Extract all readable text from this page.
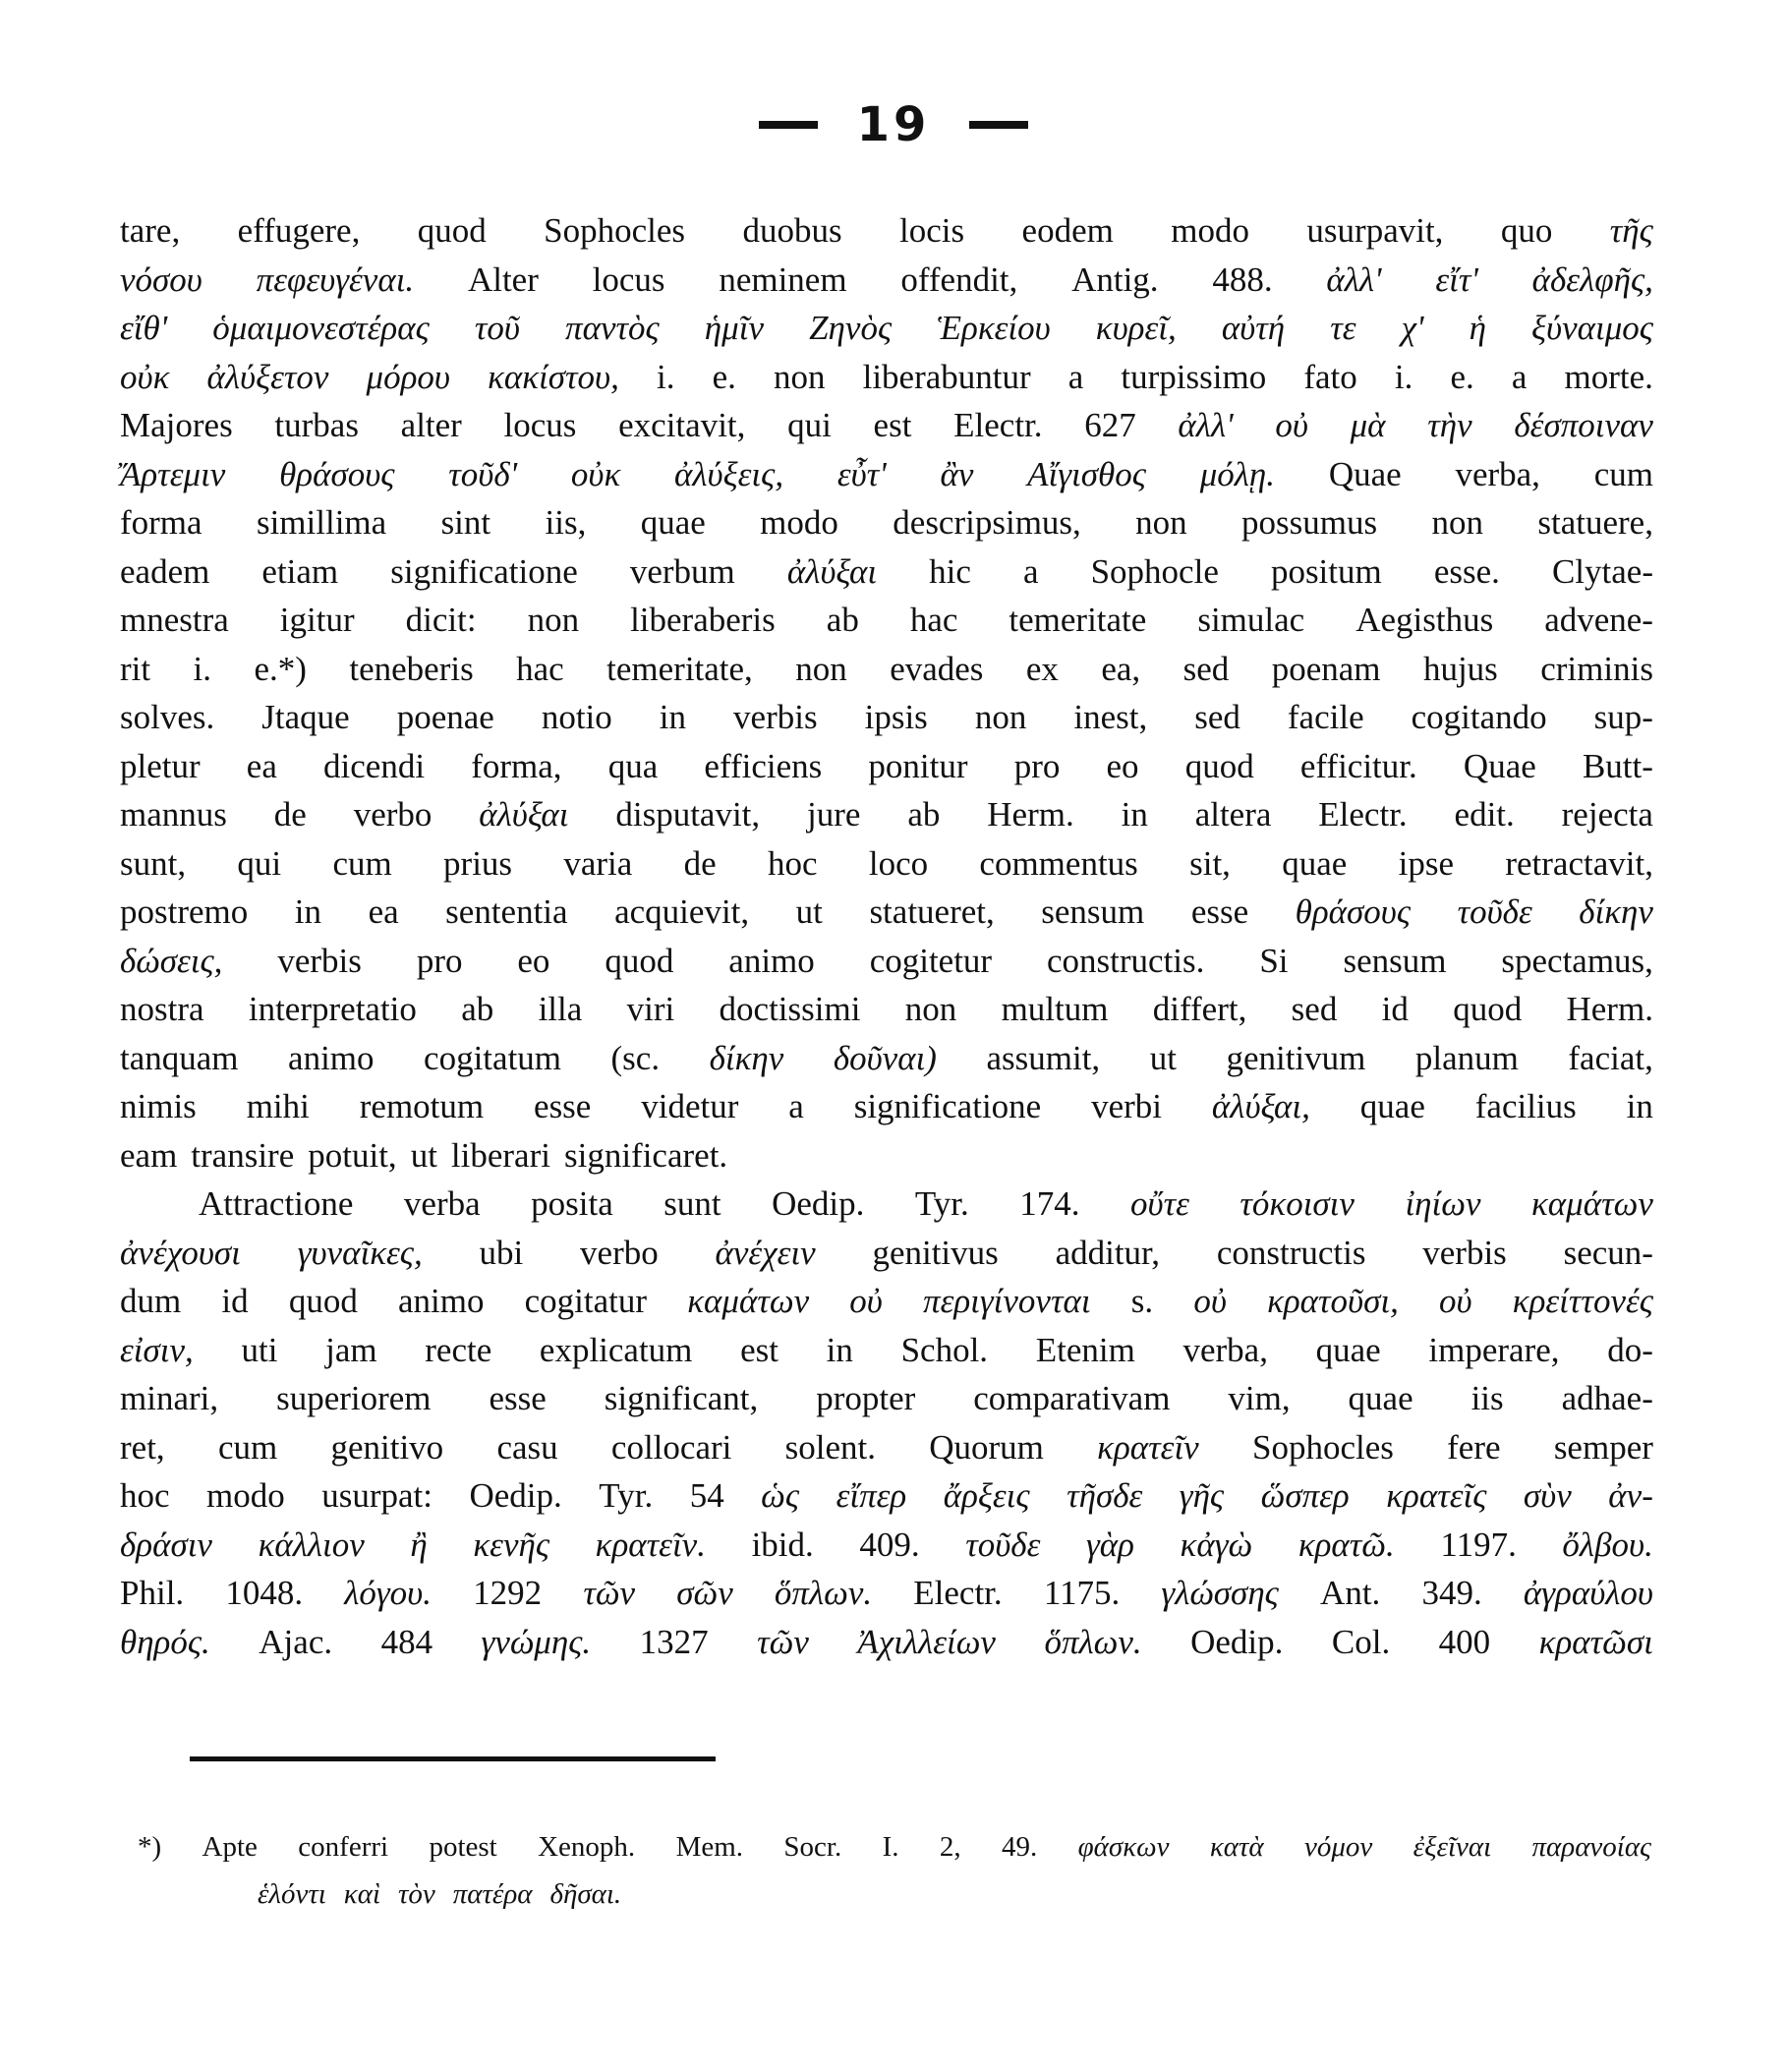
19
tare, effugere, quod Sophocles duobus locis eodem modo usurpavit, quo τῆς
νόσου πεφευγέναι. Alter locus neminem offendit, Antig. 488. ἀλλ' εἴτ' ἀδελφῆς,
εἴθ' ὁμαιμονεστέρας τοῦ παντὸς ἡμῖν Ζηνὸς Ἑρκείου κυρεῖ, αὐτή τε χ' ἡ ξύναιμος
οὐκ ἀλύξετον μόρου κακίστου, i. e. non liberabuntur a turpissimo fato i. e. a morte.
Majores turbas alter locus excitavit, qui est Electr. 627 ἀλλ' οὐ μὰ τὴν δέσποιναν
Ἄρτεμιν θράσους τοῦδ' οὐκ ἀλύξεις, εὖτ' ἂν Αἴγισθος μόλῃ. Quae verba, cum
forma simillima sint iis, quae modo descripsimus, non possumus non statuere,
eadem etiam significatione verbum ἀλύξαι hic a Sophocle positum esse. Clytae-
mnestra igitur dicit: non liberaberis ab hac temeritate simulac Aegisthus advene-
rit i. e.*) teneberis hac temeritate, non evades ex ea, sed poenam hujus criminis
solves. Jtaque poenae notio in verbis ipsis non inest, sed facile cogitando sup-
pletur ea dicendi forma, qua efficiens ponitur pro eo quod efficitur. Quae Butt-
mannus de verbo ἀλύξαι disputavit, jure ab Herm. in altera Electr. edit. rejecta
sunt, qui cum prius varia de hoc loco commentus sit, quae ipse retractavit,
postremo in ea sententia acquievit, ut statueret, sensum esse θράσους τοῦδε δίκην
δώσεις, verbis pro eo quod animo cogitetur constructis. Si sensum spectamus,
nostra interpretatio ab illa viri doctissimi non multum differt, sed id quod Herm.
tanquam animo cogitatum (sc. δίκην δοῦναι) assumit, ut genitivum planum faciat,
nimis mihi remotum esse videtur a significatione verbi ἀλύξαι, quae facilius in
eam transire potuit, ut liberari significaret.
Attractione verba posita sunt Oedip. Tyr. 174. οὔτε τόκοισιν ἰηίων καμάτων
ἀνέχουσι γυναῖκες, ubi verbo ἀνέχειν genitivus additur, constructis verbis secun-
dum id quod animo cogitatur καμάτων οὐ περιγίνονται s. οὐ κρατοῦσι, οὐ κρείττονές
εἰσιν, uti jam recte explicatum est in Schol. Etenim verba, quae imperare, do-
minari, superiorem esse significant, propter comparativam vim, quae iis adhae-
ret, cum genitivo casu collocari solent. Quorum κρατεῖν Sophocles fere semper
hoc modo usurpat: Oedip. Tyr. 54 ὡς εἴπερ ἄρξεις τῆσδε γῆς ὥσπερ κρατεῖς σὺν ἀν-
δράσιν κάλλιον ἢ κενῆς κρατεῖν. ibid. 409. τοῦδε γὰρ κἀγὼ κρατῶ. 1197. ὄλβου.
Phil. 1048. λόγου. 1292 τῶν σῶν ὅπλων. Electr. 1175. γλώσσης Ant. 349. ἀγραύλου
θηρός. Ajac. 484 γνώμης. 1327 τῶν Ἀχιλλείων ὅπλων. Oedip. Col. 400 κρατῶσι
*) Apte conferri potest Xenoph. Mem. Socr. I. 2, 49. φάσκων κατὰ νόμον ἐξεῖναι παρανοίας
ἑλόντι καὶ τὸν πατέρα δῆσαι.
